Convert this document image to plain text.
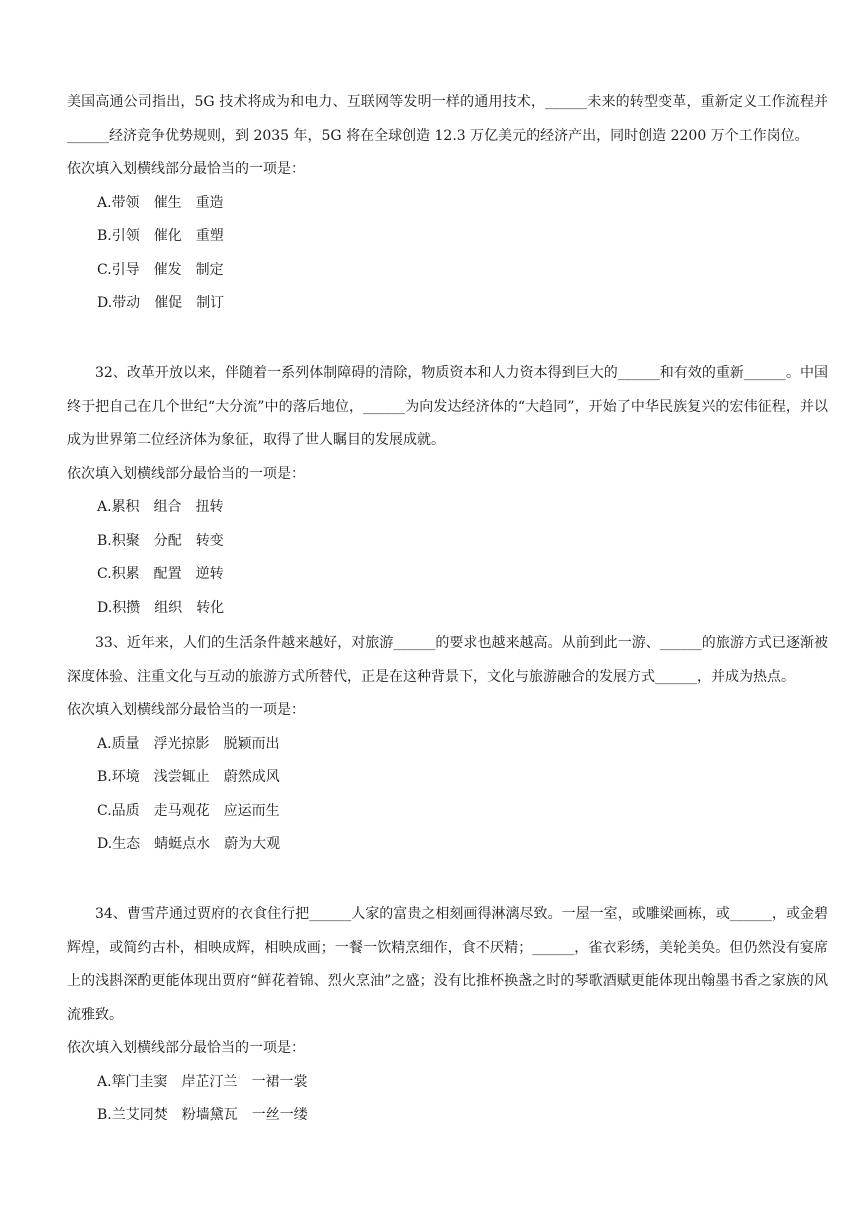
美国高通公司指出，5G 技术将成为和电力、互联网等发明一样的通用技术，______未来的转型变革，重新定义工作流程并______经济竞争优势规则，到 2035 年，5G 将在全球创造 12.3 万亿美元的经济产出，同时创造 2200 万个工作岗位。

依次填入划横线部分最恰当的一项是：

A.带领 催生 重造

B.引领 催化 重塑

C.引导 催发 制定

D.带动 催促 制订

32、改革开放以来，伴随着一系列体制障碍的清除，物质资本和人力资本得到巨大的______和有效的重新______。中国终于把自己在几个世纪“大分流”中的落后地位，______为向发达经济体的“大趋同”，开始了中华民族复兴的宏伟征程，并以成为世界第二位经济体为象征，取得了世人瞩目的发展成就。

依次填入划横线部分最恰当的一项是：

A.累积 组合 扭转

B.积聚 分配 转变

C.积累 配置 逆转

D.积攒 组织 转化

33、近年来，人们的生活条件越来越好，对旅游______的要求也越来越高。从前到此一游、______的旅游方式已逐渐被深度体验、注重文化与互动的旅游方式所替代，正是在这种背景下，文化与旅游融合的发展方式______，并成为热点。

依次填入划横线部分最恰当的一项是：

A.质量 浮光掠影 脱颖而出

B.环境 浅尝辄止 蔚然成风

C.品质 走马观花 应运而生

D.生态 蜻蜓点水 蔚为大观

34、曹雪芹通过贾府的衣食住行把______人家的富贵之相刻画得淋漓尽致。一屋一室，或雕梁画栋，或______，或金碧辉煌，或简约古朴，相映成辉，相映成画；一餐一饮精烹细作，食不厌精；______，雀衣彩绣，美轮美奂。但仍然没有宴席上的浅斟深酌更能体现出贾府“鲜花着锦、烈火烹油”之盛；没有比推杯换盏之时的琴歌酒赋更能体现出翰墨书香之家族的风流雅致。

依次填入划横线部分最恰当的一项是：

A.筚门圭窦 岸芷汀兰 一裙一裳

B.兰艾同焚 粉墙黛瓦 一丝一缕
